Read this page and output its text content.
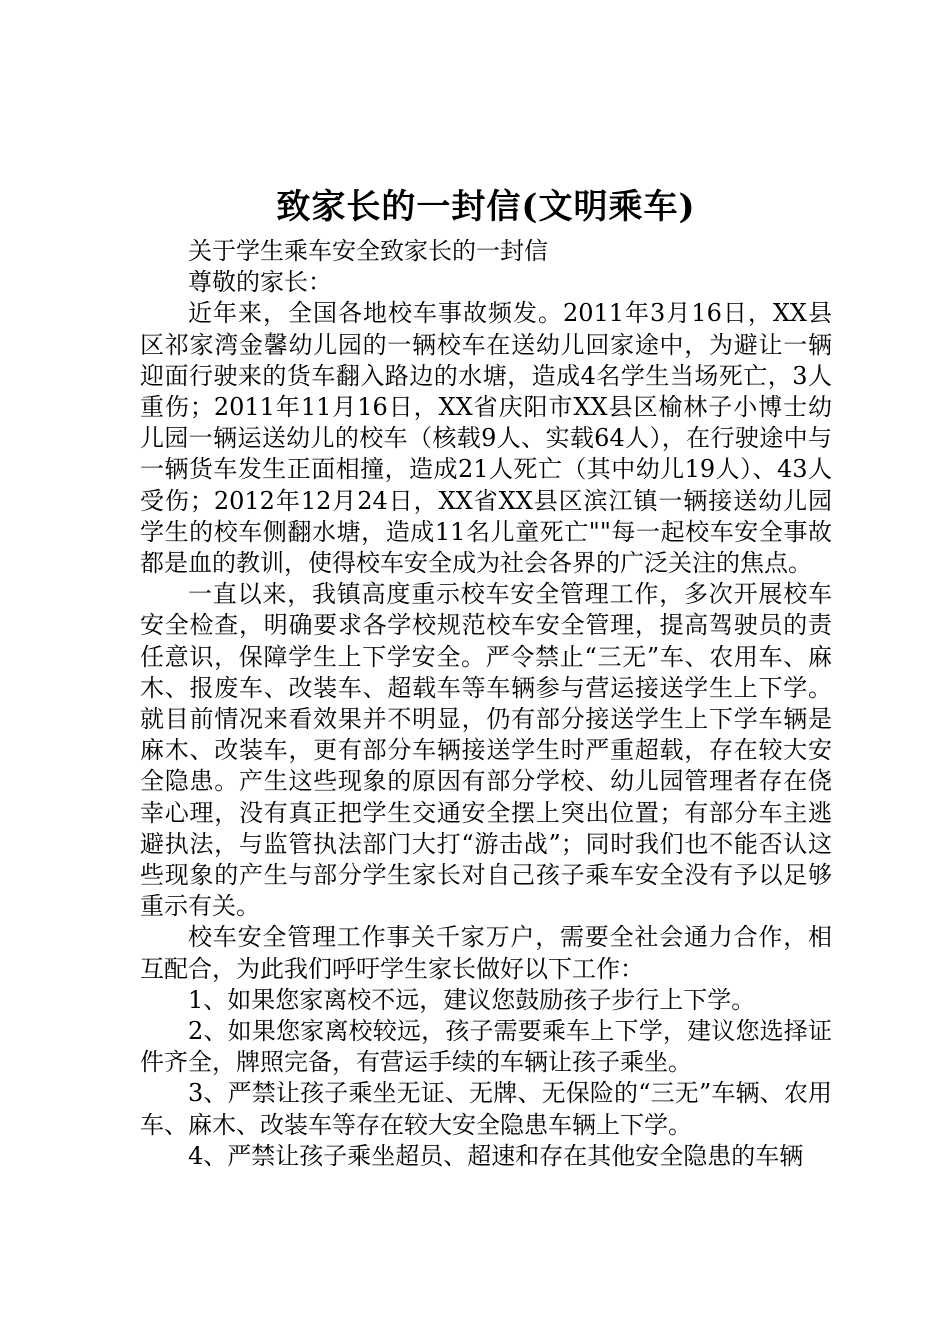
致家长的一封信(文明乘车)

关于学生乘车安全致家长的一封信

尊敬的家长：

近年来，全国各地校车事故频发。2011年3月16日，XX县区祁家湾金馨幼儿园的一辆校车在送幼儿回家途中，为避让一辆迎面行驶来的货车翻入路边的水塘，造成4名学生当场死亡，3人重伤；2011年11月16日，XX省庆阳市XX县区榆林子小博士幼儿园一辆运送幼儿的校车（核载9人、实载64人），在行驶途中与一辆货车发生正面相撞，造成21人死亡（其中幼儿19人）、43人受伤；2012年12月24日，XX省XX县区滨江镇一辆接送幼儿园学生的校车侧翻水塘，造成11名儿童死亡""每一起校车安全事故都是血的教训，使得校车安全成为社会各界的广泛关注的焦点。

一直以来，我镇高度重示校车安全管理工作，多次开展校车安全检查，明确要求各学校规范校车安全管理，提高驾驶员的责任意识，保障学生上下学安全。严令禁止“三无”车、农用车、麻木、报废车、改装车、超载车等车辆参与营运接送学生上下学。就目前情况来看效果并不明显，仍有部分接送学生上下学车辆是麻木、改装车，更有部分车辆接送学生时严重超载，存在较大安全隐患。产生这些现象的原因有部分学校、幼儿园管理者存在侥幸心理，没有真正把学生交通安全摆上突出位置；有部分车主逃避执法，与监管执法部门大打“游击战”；同时我们也不能否认这些现象的产生与部分学生家长对自己孩子乘车安全没有予以足够重示有关。

校车安全管理工作事关千家万户，需要全社会通力合作，相互配合，为此我们呼吁学生家长做好以下工作：

1、如果您家离校不远，建议您鼓励孩子步行上下学。

2、如果您家离校较远，孩子需要乘车上下学，建议您选择证件齐全，牌照完备，有营运手续的车辆让孩子乘坐。

3、严禁让孩子乘坐无证、无牌、无保险的“三无”车辆、农用车、麻木、改装车等存在较大安全隐患车辆上下学。

4、严禁让孩子乘坐超员、超速和存在其他安全隐患的车辆
